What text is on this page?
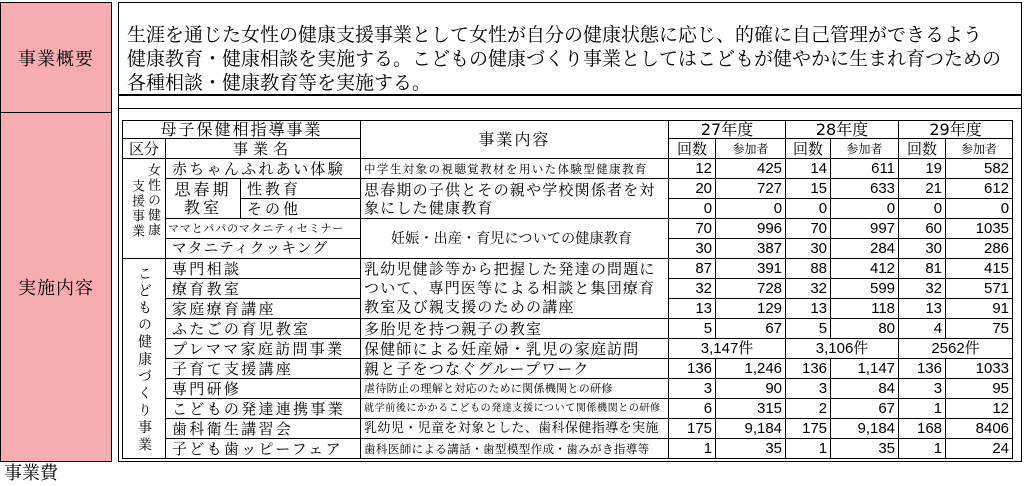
事業概要
実施内容
生涯を通じた女性の健康支援事業として女性が自分の健康状態に応じ、的確に自己管理ができるよう
健康教育・健康相談を実施する。こどもの健康づくり事業としてはこどもが健やかに生まれ育つための
各種相談・健康教育等を実施する。
母子保健相指導事業			事業内容	27年度		28年度		29年度	
区分	事業名			回数	参加者	回数	参加者	回数	参加者

支援事業 女性の健康	赤ちゃんふれあい体験		中学生対象の視聴覚教材を用いた体験型健康教育	12	425	14	611	19	582

	思春期
教室	性教育	思春期の子供とその親や学校関係者を対
象にした健康教育	20	727	15	633	21	612
		その他		0	0	0	0	0	0
	ママとパパのマタニティセミナー		妊娠・出産・育児についての健康教育	70	996	70	997	60	1035
	マタニティクッキング			30	387	30	284	30	286

こどもの健康づくり事業	専門相談		乳幼児健診等から把握した発達の問題に
ついて、専門医等による相談と集団療育
教室及び親支援のための講座	87	391	88	412	81	415
	療育教室			32	728	32	599	32	571
	家庭療育講座			13	129	13	118	13	91
	ふたごの育児教室		多胎児を持つ親子の教室	5	67	5	80	4	75
	プレママ家庭訪問事業		保健師による妊産婦・乳児の家庭訪問	3,147件		3,106件		2562件	
	子育て支援講座		親と子をつなぐグループワーク	136	1,246	136	1,147	136	1033
	専門研修		虐待防止の理解と対応のために関係機関との研修	3	90	3	84	3	95
	こどもの発達連携事業		就学前後にかかるこどもの発達支援について関係機関との研修	6	315	2	67	1	12
	歯科衛生講習会		乳幼児・児童を対象とした、歯科保健指導を実施	175	9,184	175	9,184	168	8406
	子ども歯ッピーフェア		歯科医師による講話・歯型模型作成・歯みがき指導等	1	35	1	35	1	24
事業費
